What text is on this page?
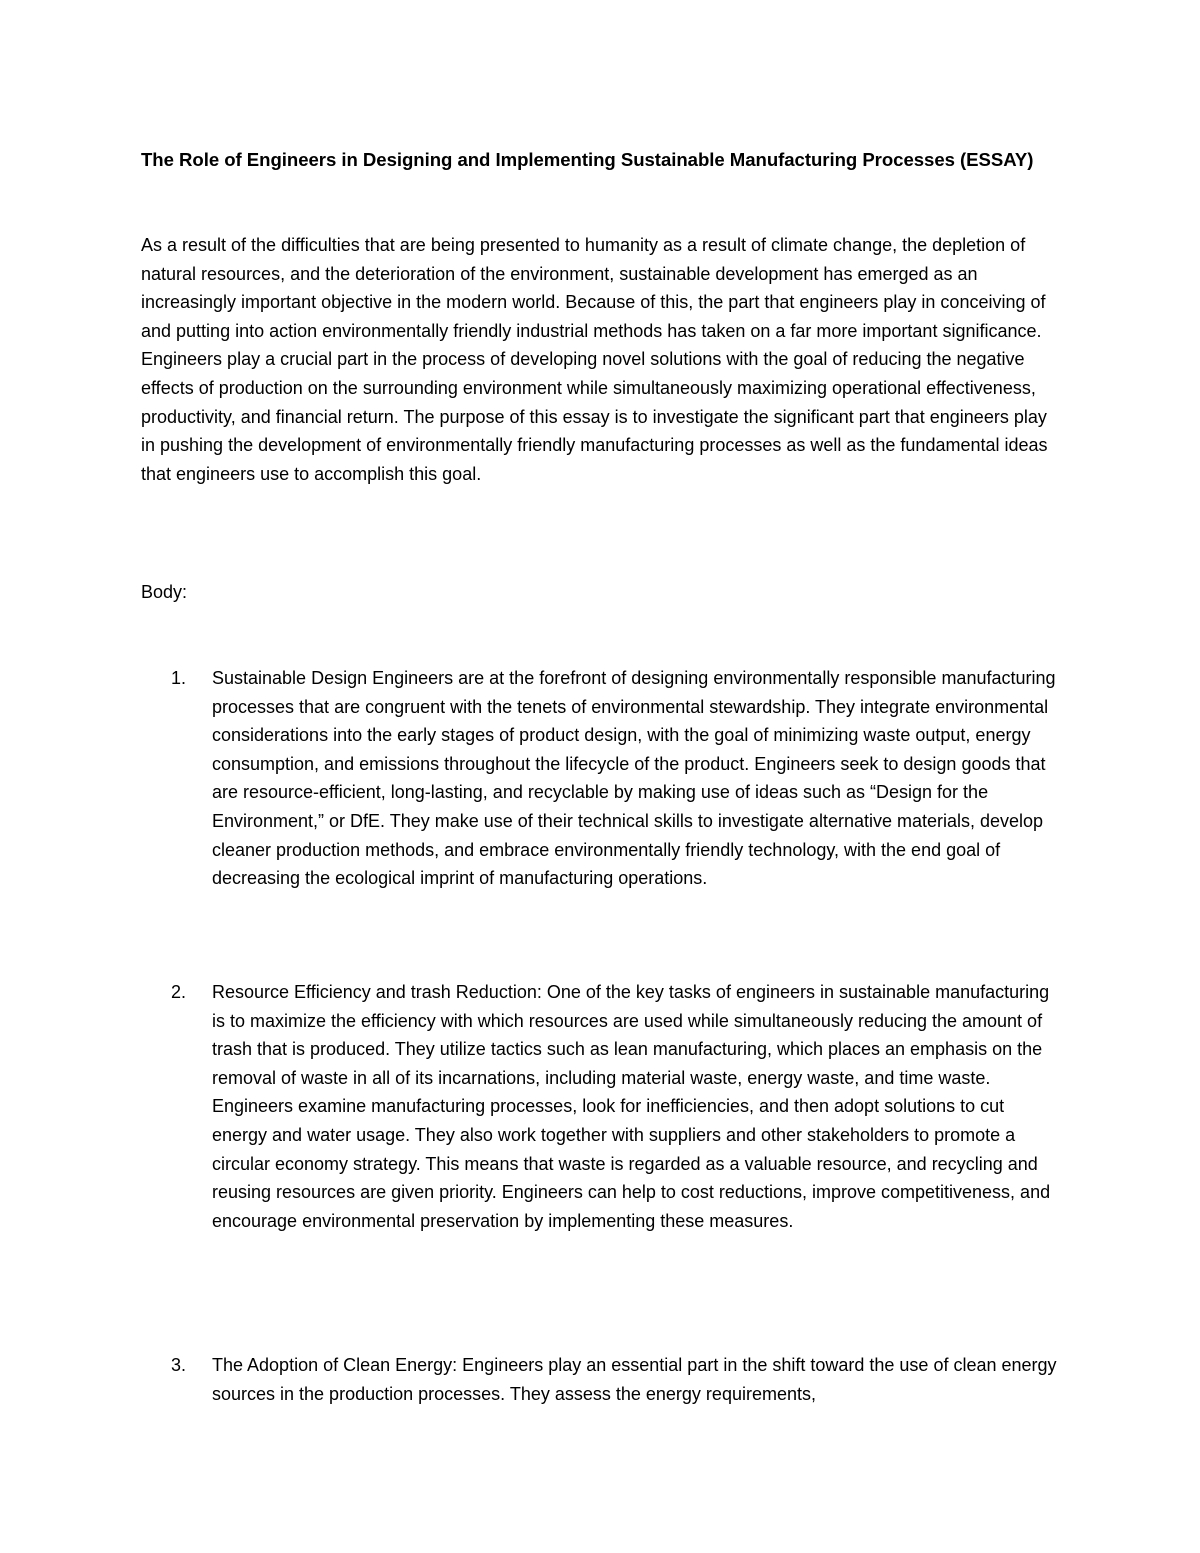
The Role of Engineers in Designing and Implementing Sustainable Manufacturing Processes (ESSAY)

As a result of the difficulties that are being presented to humanity as a result of climate change, the depletion of natural resources, and the deterioration of the environment, sustainable development has emerged as an increasingly important objective in the modern world. Because of this, the part that engineers play in conceiving of and putting into action environmentally friendly industrial methods has taken on a far more important significance. Engineers play a crucial part in the process of developing novel solutions with the goal of reducing the negative effects of production on the surrounding environment while simultaneously maximizing operational effectiveness, productivity, and financial return. The purpose of this essay is to investigate the significant part that engineers play in pushing the development of environmentally friendly manufacturing processes as well as the fundamental ideas that engineers use to accomplish this goal.

Body:

1. Sustainable Design Engineers are at the forefront of designing environmentally responsible manufacturing processes that are congruent with the tenets of environmental stewardship. They integrate environmental considerations into the early stages of product design, with the goal of minimizing waste output, energy consumption, and emissions throughout the lifecycle of the product. Engineers seek to design goods that are resource-efficient, long-lasting, and recyclable by making use of ideas such as “Design for the Environment,” or DfE. They make use of their technical skills to investigate alternative materials, develop cleaner production methods, and embrace environmentally friendly technology, with the end goal of decreasing the ecological imprint of manufacturing operations.
2. Resource Efficiency and trash Reduction: One of the key tasks of engineers in sustainable manufacturing is to maximize the efficiency with which resources are used while simultaneously reducing the amount of trash that is produced. They utilize tactics such as lean manufacturing, which places an emphasis on the removal of waste in all of its incarnations, including material waste, energy waste, and time waste. Engineers examine manufacturing processes, look for inefficiencies, and then adopt solutions to cut energy and water usage. They also work together with suppliers and other stakeholders to promote a circular economy strategy. This means that waste is regarded as a valuable resource, and recycling and reusing resources are given priority. Engineers can help to cost reductions, improve competitiveness, and encourage environmental preservation by implementing these measures.
3. The Adoption of Clean Energy: Engineers play an essential part in the shift toward the use of clean energy sources in the production processes. They assess the energy requirements,
